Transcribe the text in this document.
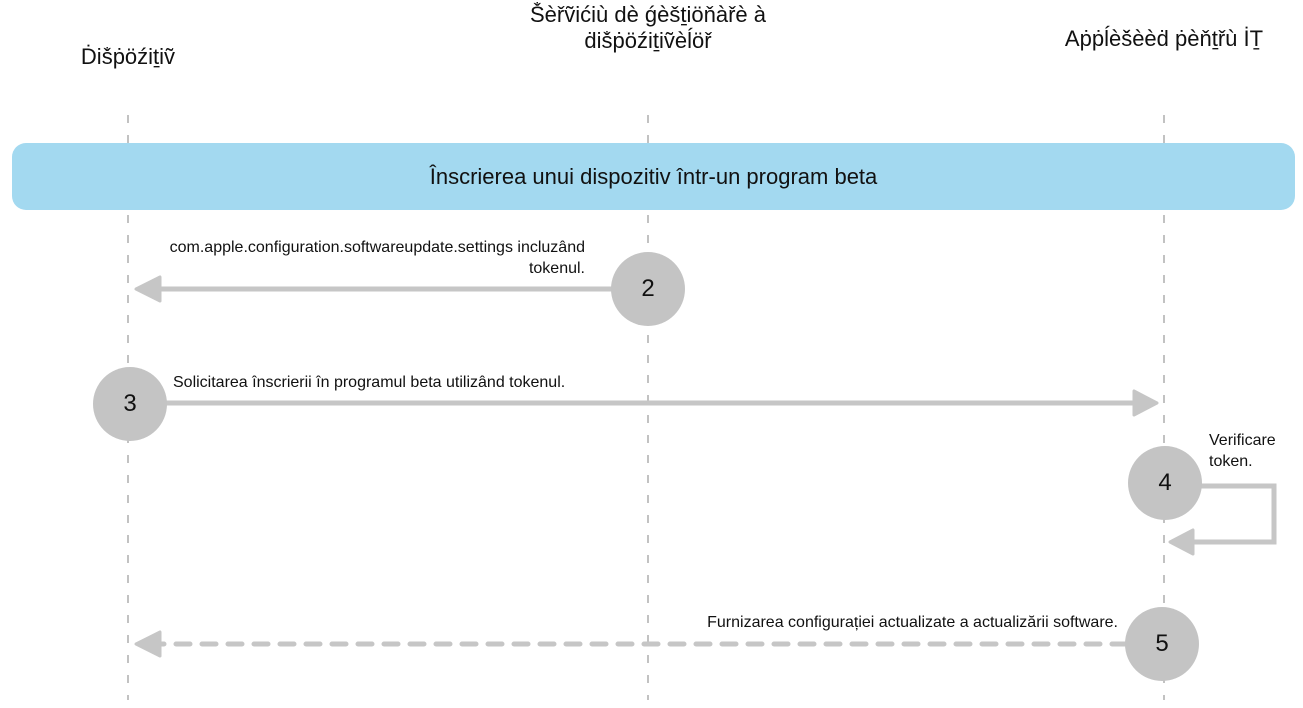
Ḋiṧṗöźiṯiṽ
Ṧèřṽićiù dè ǵèšṯiöňàřè à ḋiṧṗöźiṯiṽèĺöř	Aṗṗĺèš̌èèḋ ṗèňṯřù İṮ
Înscrierea unui dispozitiv într-un program beta
com.apple.configuration.softwareupdate.settings incluzând tokenul.
Solicitarea înscrierii în programul beta utilizând tokenul.
Verificare token.
Furnizarea configurației actualizate a actualizării software.
2
3
4
5
